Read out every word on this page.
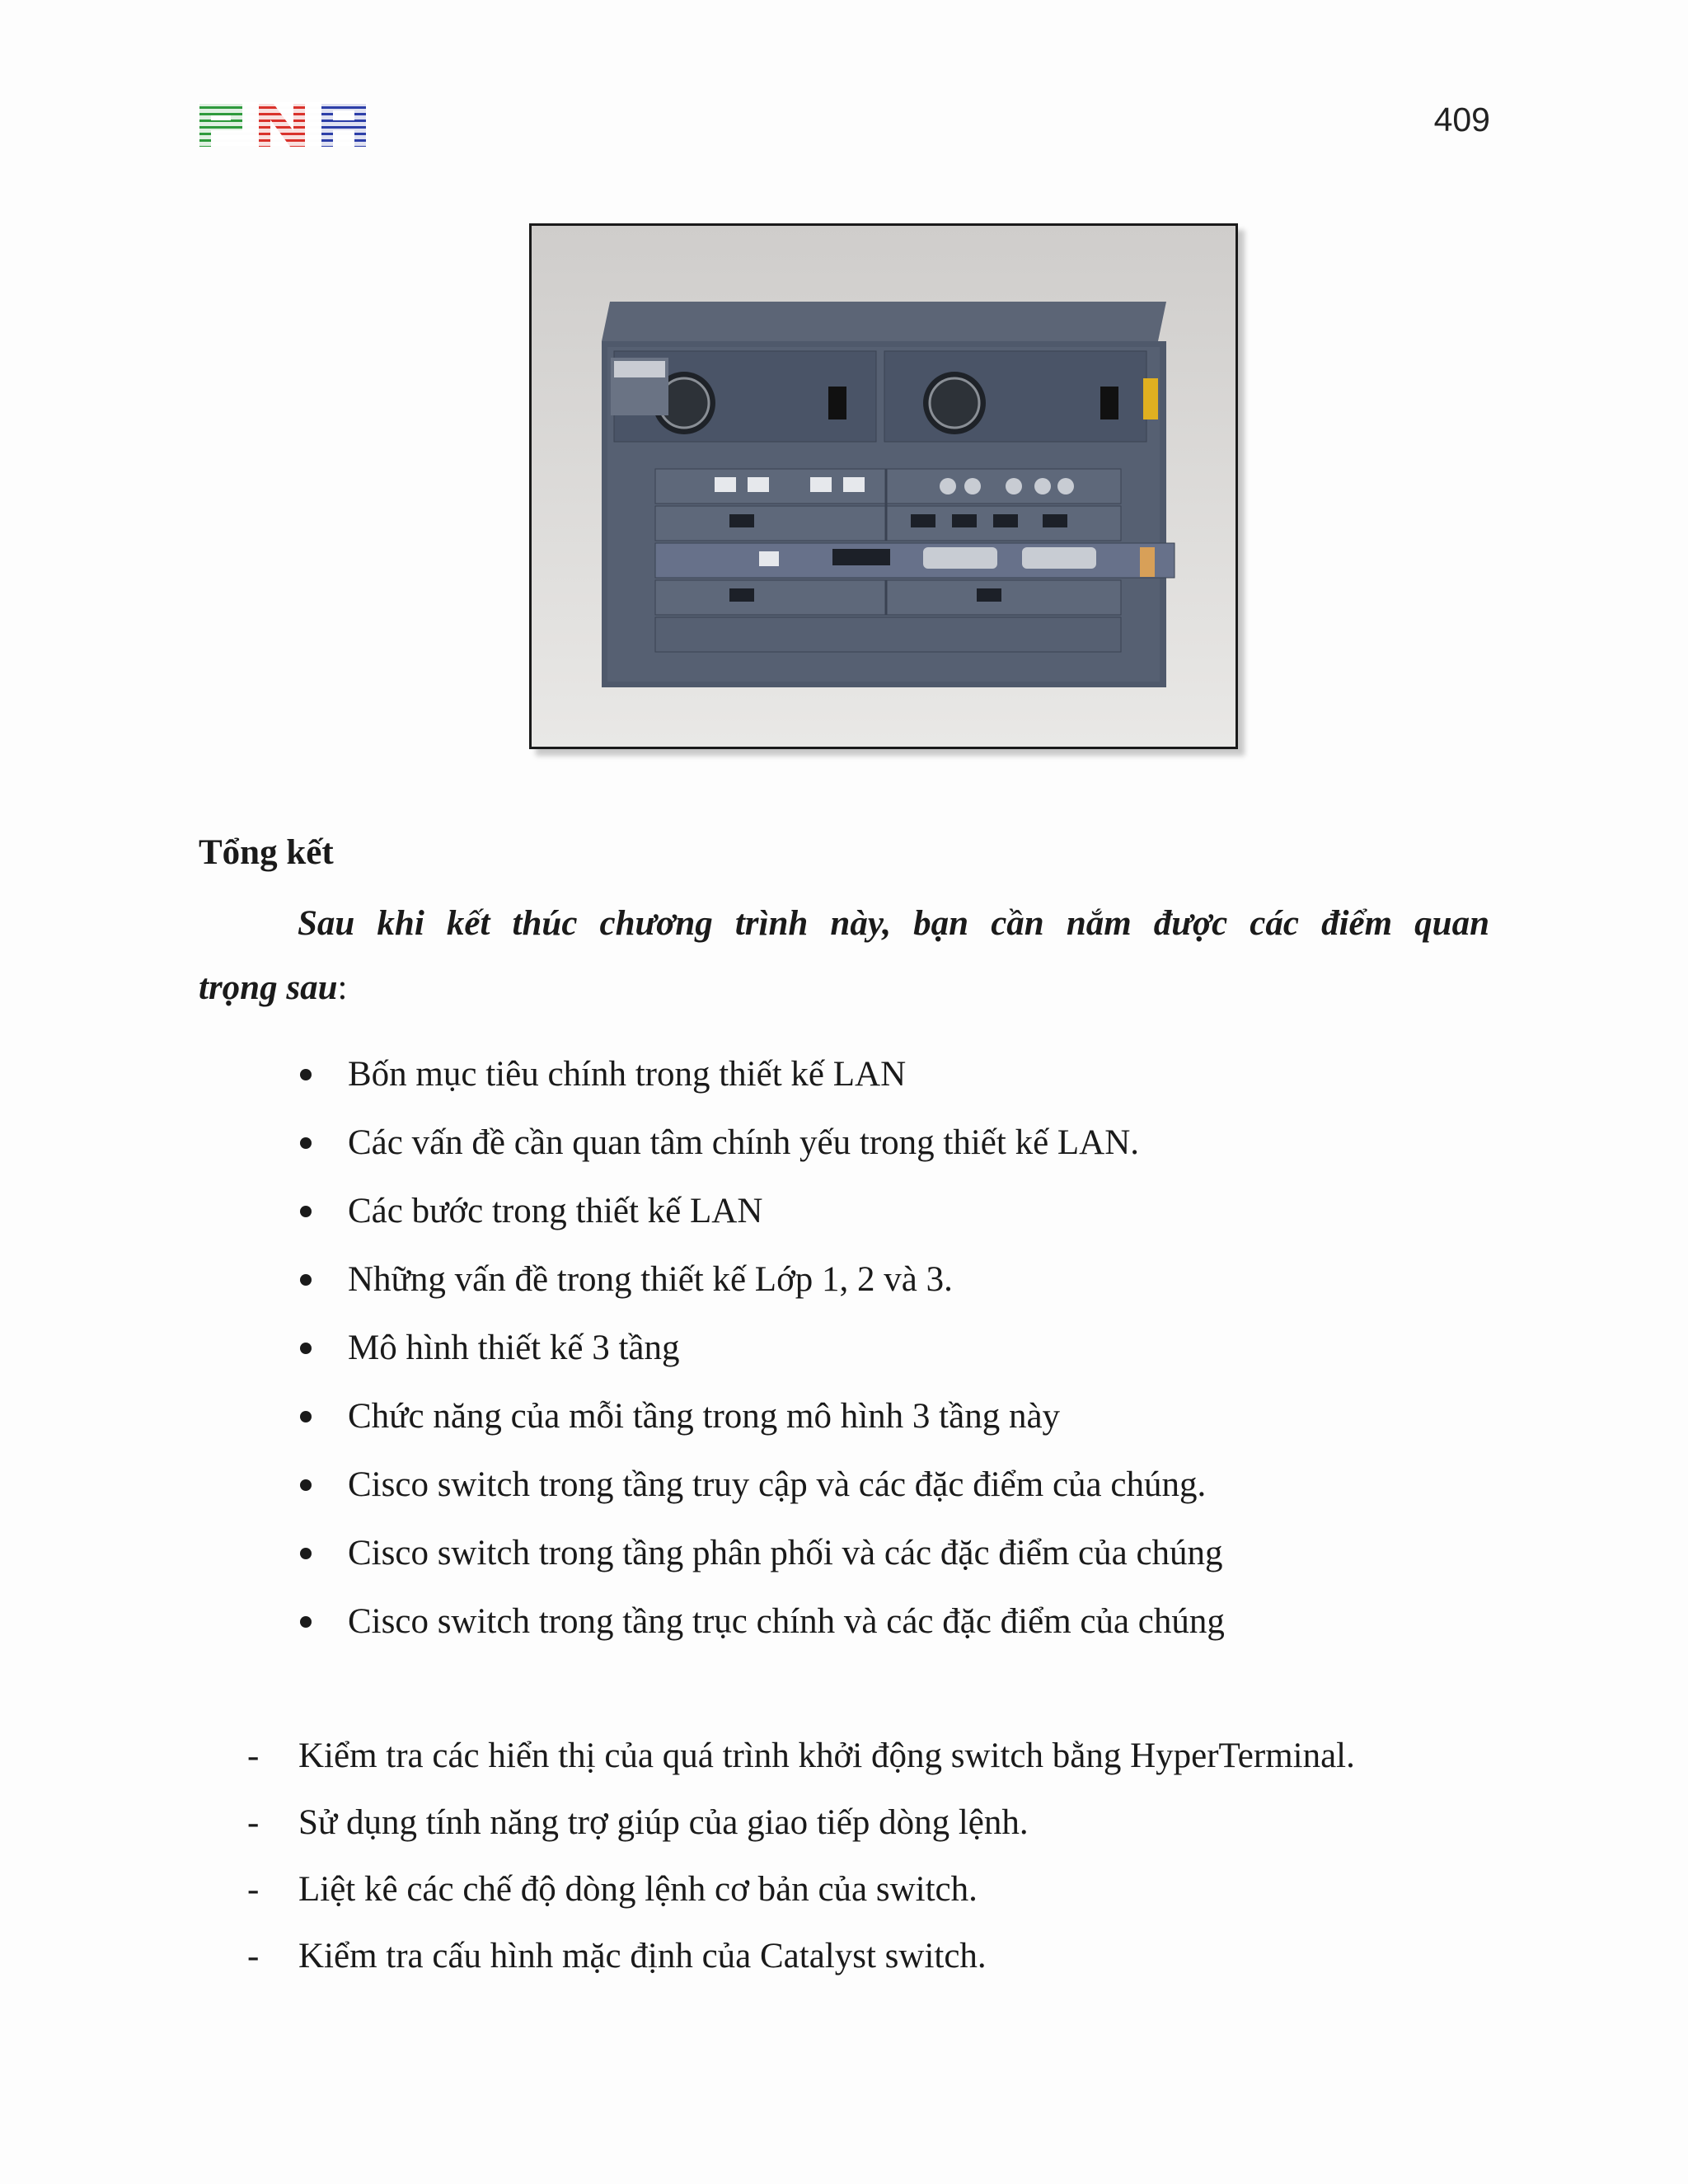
409
Tổng kết

Sau khi kết thúc chương trình này, bạn cần nắm được các điểm quan
trọng sau:

Bốn mục tiêu chính trong thiết kế LAN
Các vấn đề cần quan tâm chính yếu trong thiết kế LAN.
Các bước trong thiết kế LAN
Những vấn đề trong thiết kế Lớp 1, 2 và 3.
Mô hình thiết kế 3 tầng
Chức năng của mỗi tầng trong mô hình 3 tầng này
Cisco switch trong tầng truy cập và các đặc điểm của chúng.
Cisco switch trong tầng phân phối và các đặc điểm của chúng
Cisco switch trong tầng trục chính và các đặc điểm của chúng
- Kiểm tra các hiển thị của quá trình khởi động switch bằng HyperTerminal.
- Sử dụng tính năng trợ giúp của giao tiếp dòng lệnh.
- Liệt kê các chế độ dòng lệnh cơ bản của switch.
- Kiểm tra cấu hình mặc định của Catalyst switch.
